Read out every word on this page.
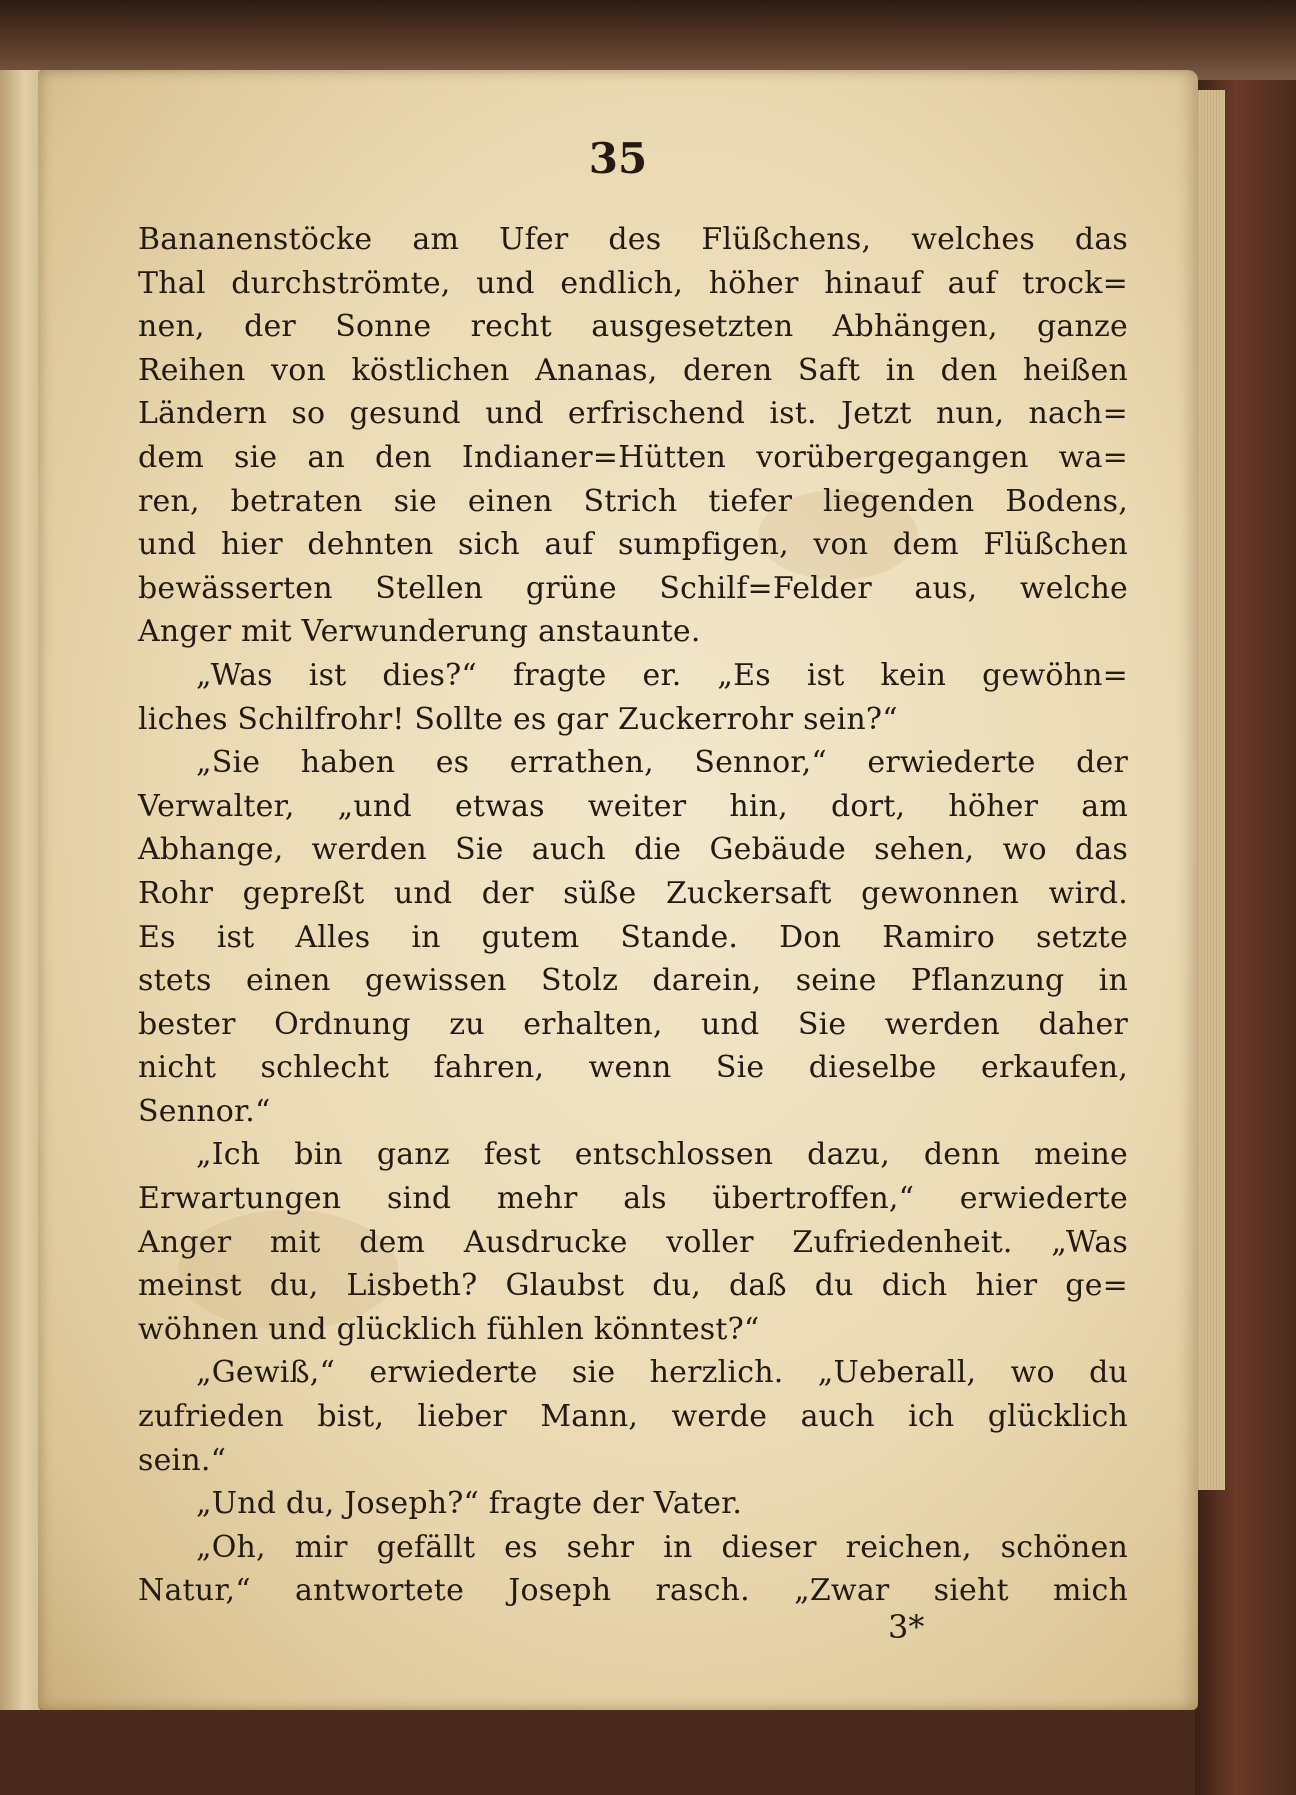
35
Bananenstöcke am Ufer des Flüßchens, welches das
Thal durchströmte, und endlich, höher hinauf auf trock=
nen, der Sonne recht ausgesetzten Abhängen, ganze
Reihen von köstlichen Ananas, deren Saft in den heißen
Ländern so gesund und erfrischend ist. Jetzt nun, nach=
dem sie an den Indianer=Hütten vorübergegangen wa=
ren, betraten sie einen Strich tiefer liegenden Bodens,
und hier dehnten sich auf sumpfigen, von dem Flüßchen
bewässerten Stellen grüne Schilf=Felder aus, welche
Anger mit Verwunderung anstaunte.
„Was ist dies?“ fragte er. „Es ist kein gewöhn=
liches Schilfrohr! Sollte es gar Zuckerrohr sein?“
„Sie haben es errathen, Sennor,“ erwiederte der
Verwalter, „und etwas weiter hin, dort, höher am
Abhange, werden Sie auch die Gebäude sehen, wo das
Rohr gepreßt und der süße Zuckersaft gewonnen wird.
Es ist Alles in gutem Stande. Don Ramiro setzte
stets einen gewissen Stolz darein, seine Pflanzung in
bester Ordnung zu erhalten, und Sie werden daher
nicht schlecht fahren, wenn Sie dieselbe erkaufen,
Sennor.“
„Ich bin ganz fest entschlossen dazu, denn meine
Erwartungen sind mehr als übertroffen,“ erwiederte
Anger mit dem Ausdrucke voller Zufriedenheit. „Was
meinst du, Lisbeth? Glaubst du, daß du dich hier ge=
wöhnen und glücklich fühlen könntest?“
„Gewiß,“ erwiederte sie herzlich. „Ueberall, wo du
zufrieden bist, lieber Mann, werde auch ich glücklich
sein.“
„Und du, Joseph?“ fragte der Vater.
„Oh, mir gefällt es sehr in dieser reichen, schönen
Natur,“ antwortete Joseph rasch. „Zwar sieht mich
3*
